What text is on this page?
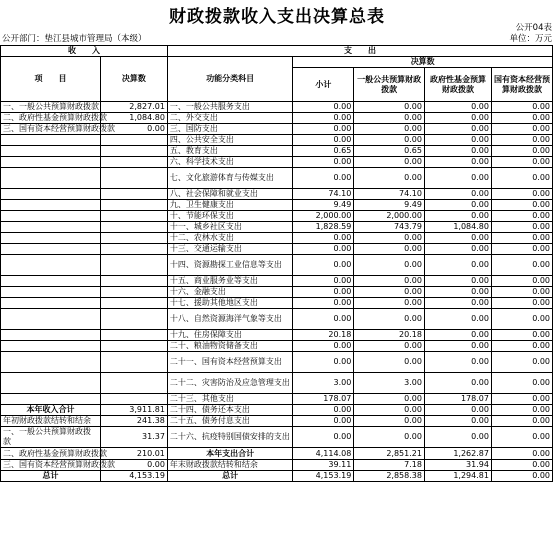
财政拨款收入支出决算总表
公开04表
公开部门：垫江县城市管理局（本级）	单位：万元
收　　入		支　　出				
项　　目	决算数	功能分类科目	决算数			
			小计	一般公共预算财政拨款	政府性基金预算财政拨款	国有资本经营预算财政拨款
一、一般公共预算财政拨款	2,827.01	一、一般公共服务支出	0.00	0.00	0.00	0.00
二、政府性基金预算财政拨款	1,084.80	二、外交支出	0.00	0.00	0.00	0.00
三、国有资本经营预算财政拨款	0.00	三、国防支出	0.00	0.00	0.00	0.00
		四、公共安全支出	0.00	0.00	0.00	0.00
		五、教育支出	0.65	0.65	0.00	0.00
		六、科学技术支出	0.00	0.00	0.00	0.00
		七、文化旅游体育与传媒支出	0.00	0.00	0.00	0.00
		八、社会保障和就业支出	74.10	74.10	0.00	0.00
		九、卫生健康支出	9.49	9.49	0.00	0.00
		十、节能环保支出	2,000.00	2,000.00	0.00	0.00
		十一、城乡社区支出	1,828.59	743.79	1,084.80	0.00
		十二、农林水支出	0.00	0.00	0.00	0.00
		十三、交通运输支出	0.00	0.00	0.00	0.00
		十四、资源勘探工业信息等支出	0.00	0.00	0.00	0.00
		十五、商业服务业等支出	0.00	0.00	0.00	0.00
		十六、金融支出	0.00	0.00	0.00	0.00
		十七、援助其他地区支出	0.00	0.00	0.00	0.00
		十八、自然资源海洋气象等支出	0.00	0.00	0.00	0.00
		十九、住房保障支出	20.18	20.18	0.00	0.00
		二十、粮油物资储备支出	0.00	0.00	0.00	0.00
		二十一、国有资本经营预算支出	0.00	0.00	0.00	0.00
		二十二、灾害防治及应急管理支出	3.00	3.00	0.00	0.00
		二十三、其他支出	178.07	0.00	178.07	0.00
本年收入合计	3,911.81	二十四、债务还本支出	0.00	0.00	0.00	0.00
年初财政拨款结转和结余	241.38	二十五、债务付息支出	0.00	0.00	0.00	0.00
一、一般公共预算财政拨款	31.37	二十六、抗疫特别国债安排的支出	0.00	0.00	0.00	0.00
二、政府性基金预算财政拨款	210.01	本年支出合计	4,114.08	2,851.21	1,262.87	0.00
三、国有资本经营预算财政拨款	0.00	年末财政拨款结转和结余	39.11	7.18	31.94	0.00
总计	4,153.19	总计	4,153.19	2,858.38	1,294.81	0.00
